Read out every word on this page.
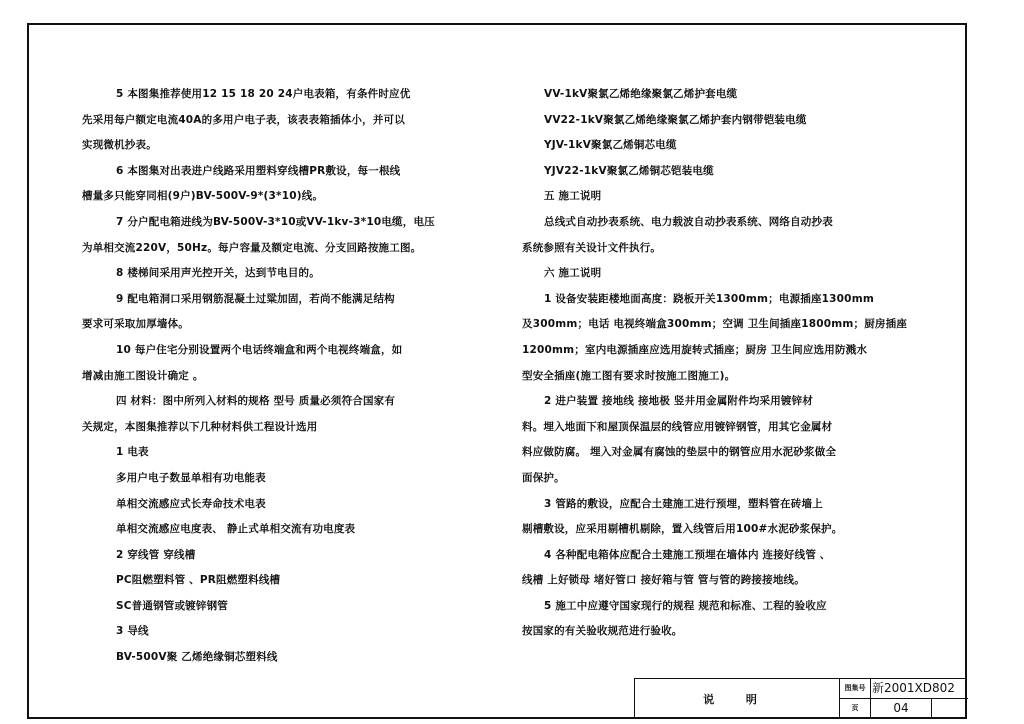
5 本图集推荐使用12 15 18 20 24户电表箱，有条件时应优
先采用每户额定电流40A的多用户电子表，该表表箱插体小，并可以
实现微机抄表。
6 本图集对出表进户线路采用塑料穿线槽PR敷设，每一根线
槽量多只能穿同相(9户)BV-500V-9*(3*10)线。
7 分户配电箱进线为BV-500V-3*10或VV-1kv-3*10电缆，电压
为单相交流220V，50Hz。每户容量及额定电流、分支回路按施工图。
8 楼梯间采用声光控开关，达到节电目的。
9 配电箱洞口采用钢筋混凝土过粱加固，若尚不能满足结构
要求可采取加厚墙体。
10 每户住宅分别设置两个电话终端盒和两个电视终端盒，如
增减由施工图设计确定 。
四 材料：图中所列入材料的规格 型号 质量必须符合国家有
关规定，本图集推荐以下几种材料供工程设计选用
1 电表
多用户电子数显单相有功电能表
单相交流感应式长寿命技术电表
单相交流感应电度表、 静止式单相交流有功电度表
2 穿线管 穿线槽
PC阻燃塑料管 、PR阻燃塑料线槽
SC普通钢管或镀锌钢管
3 导线
BV-500V聚 乙烯绝缘铜芯塑料线
VV-1kV聚氯乙烯绝缘聚氯乙烯护套电缆
VV22-1kV聚氯乙烯绝缘聚氯乙烯护套内钢带铠装电缆
YJV-1kV聚氯乙烯铜芯电缆
YJV22-1kV聚氯乙烯铜芯铠装电缆
五 施工说明
总线式自动抄表系统、电力载波自动抄表系统、网络自动抄表
系统参照有关设计文件执行。
六 施工说明
1 设备安装距楼地面高度：跷板开关1300mm；电源插座1300mm
及300mm；电话 电视终端盒300mm；空调 卫生间插座1800mm；厨房插座
1200mm；室内电源插座应选用旋转式插座；厨房 卫生间应选用防溅水
型安全插座(施工图有要求时按施工图施工)。
2 进户装置 接地线 接地极 竖井用金属附件均采用镀锌材
料。埋入地面下和屋顶保温层的线管应用镀锌钢管，用其它金属材
料应做防腐。 埋入对金属有腐蚀的垫层中的钢管应用水泥砂浆做全
面保护。
3 管路的敷设，应配合土建施工进行预埋，塑料管在砖墙上
剔槽敷设，应采用剔槽机剔除，置入线管后用100#水泥砂浆保护。
4 各种配电箱体应配合土建施工预埋在墙体内 连接好线管 、
线槽 上好锁母 堵好管口 接好箱与管 管与管的跨接接地线。
5 施工中应遵守国家现行的规程 规范和标准、工程的验收应
按国家的有关验收规范进行验收。
说 明
图集号 新2001XD802
页	04
